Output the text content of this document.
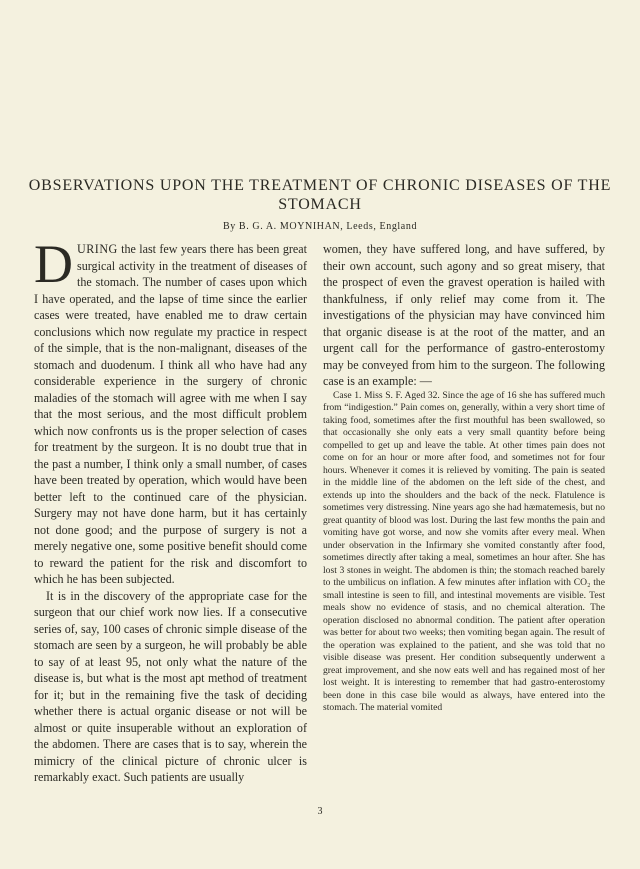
OBSERVATIONS UPON THE TREATMENT OF CHRONIC DISEASES OF THE STOMACH

By B. G. A. MOYNIHAN, Leeds, England

DURING the last few years there has been great surgical activity in the treatment of diseases of the stomach. The number of cases upon which I have operated, and the lapse of time since the earlier cases were treated, have enabled me to draw certain conclusions which now regulate my practice in respect of the simple, that is the non-malignant, diseases of the stomach and duodenum. I think all who have had any considerable experience in the surgery of chronic maladies of the stomach will agree with me when I say that the most serious, and the most difficult problem which now confronts us is the proper selection of cases for treatment by the surgeon. It is no doubt true that in the past a number, I think only a small number, of cases have been treated by operation, which would have been better left to the continued care of the physician. Surgery may not have done harm, but it has certainly not done good; and the purpose of surgery is not a merely negative one, some positive benefit should come to reward the patient for the risk and discomfort to which he has been subjected.

It is in the discovery of the appropriate case for the surgeon that our chief work now lies. If a consecutive series of, say, 100 cases of chronic simple disease of the stomach are seen by a surgeon, he will probably be able to say of at least 95, not only what the nature of the disease is, but what is the most apt method of treatment for it; but in the remaining five the task of deciding whether there is actual organic disease or not will be almost or quite insuperable without an exploration of the abdomen. There are cases that is to say, wherein the mimicry of the clinical picture of chronic ulcer is remarkably exact. Such patients are usually

women, they have suffered long, and have suffered, by their own account, such agony and so great misery, that the prospect of even the gravest operation is hailed with thankfulness, if only relief may come from it. The investigations of the physician may have convinced him that organic disease is at the root of the matter, and an urgent call for the performance of gastro-enterostomy may be conveyed from him to the surgeon. The following case is an example: —

Case 1. Miss S. F. Aged 32. Since the age of 16 she has suffered much from “indigestion.” Pain comes on, generally, within a very short time of taking food, sometimes after the first mouthful has been swallowed, so that occasionally she only eats a very small quantity before being compelled to get up and leave the table. At other times pain does not come on for an hour or more after food, and sometimes not for four hours. Whenever it comes it is relieved by vomiting. The pain is seated in the middle line of the abdomen on the left side of the chest, and extends up into the shoulders and the back of the neck. Flatulence is sometimes very distressing. Nine years ago she had hæmatemesis, but no great quantity of blood was lost. During the last few months the pain and vomiting have got worse, and now she vomits after every meal. When under observation in the Infirmary she vomited constantly after food, sometimes directly after taking a meal, sometimes an hour after. She has lost 3 stones in weight. The abdomen is thin; the stomach reached barely to the umbilicus on inflation. A few minutes after inflation with CO₂ the small intestine is seen to fill, and intestinal movements are visible. Test meals show no evidence of stasis, and no chemical alteration. The operation disclosed no abnormal condition. The patient after operation was better for about two weeks; then vomiting began again. The result of the operation was explained to the patient, and she was told that no visible disease was present. Her condition subsequently underwent a great improvement, and she now eats well and has regained most of her lost weight. It is interesting to remember that had gastro-enterostomy been done in this case bile would as always, have entered into the stomach. The material vomited

3
